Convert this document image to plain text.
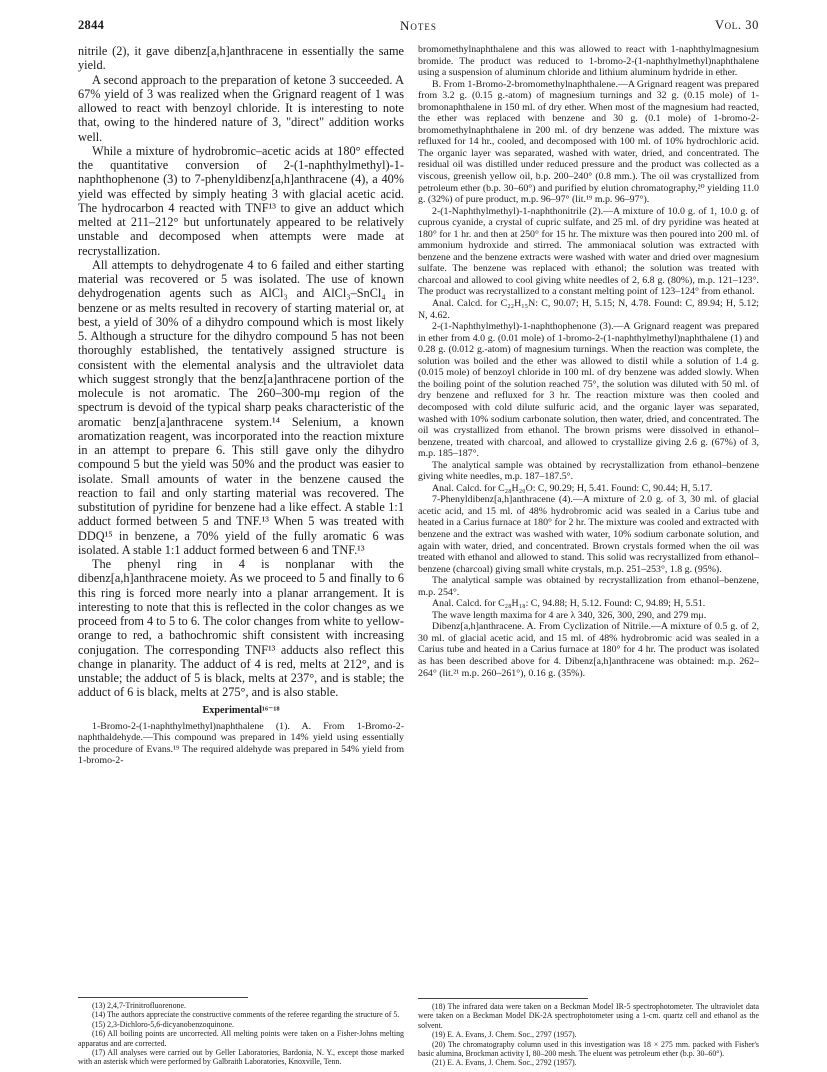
2844	Notes	Vol. 30

nitrile (2), it gave dibenz[a,h]anthracene in essentially the same yield.

A second approach to the preparation of ketone 3 succeeded. A 67% yield of 3 was realized when the Grignard reagent of 1 was allowed to react with benzoyl chloride. It is interesting to note that, owing to the hindered nature of 3, "direct" addition works well.

While a mixture of hydrobromic–acetic acids at 180° effected the quantitative conversion of 2-(1-naphthylmethyl)-1-naphthophenone (3) to 7-phenyldibenz[a,h]anthracene (4), a 40% yield was effected by simply heating 3 with glacial acetic acid. The hydrocarbon 4 reacted with TNF¹³ to give an adduct which melted at 211–212° but unfortunately appeared to be relatively unstable and decomposed when attempts were made at recrystallization.

All attempts to dehydrogenate 4 to 6 failed and either starting material was recovered or 5 was isolated. The use of known dehydrogenation agents such as AlCl₃ and AlCl₃–SnCl₄ in benzene or as melts resulted in recovery of starting material or, at best, a yield of 30% of a dihydro compound which is most likely 5. Although a structure for the dihydro compound 5 has not been thoroughly established, the tentatively assigned structure is consistent with the elemental analysis and the ultraviolet data which suggest strongly that the benz[a]anthracene portion of the molecule is not aromatic. The 260–300-mμ region of the spectrum is devoid of the typical sharp peaks characteristic of the aromatic benz[a]anthracene system.¹⁴ Selenium, a known aromatization reagent, was incorporated into the reaction mixture in an attempt to prepare 6. This still gave only the dihydro compound 5 but the yield was 50% and the product was easier to isolate. Small amounts of water in the benzene caused the reaction to fail and only starting material was recovered. The substitution of pyridine for benzene had a like effect. A stable 1:1 adduct formed between 5 and TNF.¹³ When 5 was treated with DDQ¹⁵ in benzene, a 70% yield of the fully aromatic 6 was isolated. A stable 1:1 adduct formed between 6 and TNF.¹³

The phenyl ring in 4 is nonplanar with the dibenz[a,h]anthracene moiety. As we proceed to 5 and finally to 6 this ring is forced more nearly into a planar arrangement. It is interesting to note that this is reflected in the color changes as we proceed from 4 to 5 to 6. The color changes from white to yellow-orange to red, a bathochromic shift consistent with increasing conjugation. The corresponding TNF¹³ adducts also reflect this change in planarity. The adduct of 4 is red, melts at 212°, and is unstable; the adduct of 5 is black, melts at 237°, and is stable; the adduct of 6 is black, melts at 275°, and is also stable.

Experimental¹⁶⁻¹⁸

1-Bromo-2-(1-naphthylmethyl)naphthalene (1). A. From 1-Bromo-2-naphthaldehyde.—This compound was prepared in 14% yield using essentially the procedure of Evans.¹⁹ The required aldehyde was prepared in 54% yield from 1-bromo-2-

(13) 2,4,7-Trinitrofluorenone.

(14) The authors appreciate the constructive comments of the referee regarding the structure of 5.

(15) 2,3-Dichloro-5,6-dicyanobenzoquinone.

(16) All boiling points are uncorrected. All melting points were taken on a Fisher-Johns melting apparatus and are corrected.

(17) All analyses were carried out by Geller Laboratories, Bardonia, N. Y., except those marked with an asterisk which were performed by Galbraith Laboratories, Knoxville, Tenn.

bromomethylnaphthalene and this was allowed to react with 1-naphthylmagnesium bromide. The product was reduced to 1-bromo-2-(1-naphthylmethyl)naphthalene using a suspension of aluminum chloride and lithium aluminum hydride in ether.

B. From 1-Bromo-2-bromomethylnaphthalene.—A Grignard reagent was prepared from 3.2 g. (0.15 g.-atom) of magnesium turnings and 32 g. (0.15 mole) of 1-bromonaphthalene in 150 ml. of dry ether. When most of the magnesium had reacted, the ether was replaced with benzene and 30 g. (0.1 mole) of 1-bromo-2-bromomethylnaphthalene in 200 ml. of dry benzene was added. The mixture was refluxed for 14 hr., cooled, and decomposed with 100 ml. of 10% hydrochloric acid. The organic layer was separated, washed with water, dried, and concentrated. The residual oil was distilled under reduced pressure and the product was collected as a viscous, greenish yellow oil, b.p. 200–240° (0.8 mm.). The oil was crystallized from petroleum ether (b.p. 30–60°) and purified by elution chromatography,²⁰ yielding 11.0 g. (32%) of pure product, m.p. 96–97° (lit.¹⁹ m.p. 96–97°).

2-(1-Naphthylmethyl)-1-naphthonitrile (2).—A mixture of 10.0 g. of 1, 10.0 g. of cuprous cyanide, a crystal of cupric sulfate, and 25 ml. of dry pyridine was heated at 180° for 1 hr. and then at 250° for 15 hr. The mixture was then poured into 200 ml. of ammonium hydroxide and stirred. The ammoniacal solution was extracted with benzene and the benzene extracts were washed with water and dried over magnesium sulfate. The benzene was replaced with ethanol; the solution was treated with charcoal and allowed to cool giving white needles of 2, 6.8 g. (80%), m.p. 121–123°. The product was recrystallized to a constant melting point of 123–124° from ethanol.

Anal. Calcd. for C₂₂H₁₅N: C, 90.07; H, 5.15; N, 4.78. Found: C, 89.94; H, 5.12; N, 4.62.

2-(1-Naphthylmethyl)-1-naphthophenone (3).—A Grignard reagent was prepared in ether from 4.0 g. (0.01 mole) of 1-bromo-2-(1-naphthylmethyl)naphthalene (1) and 0.28 g. (0.012 g.-atom) of magnesium turnings. When the reaction was complete, the solution was boiled and the ether was allowed to distil while a solution of 1.4 g. (0.015 mole) of benzoyl chloride in 100 ml. of dry benzene was added slowly. When the boiling point of the solution reached 75°, the solution was diluted with 50 ml. of dry benzene and refluxed for 3 hr. The reaction mixture was then cooled and decomposed with cold dilute sulfuric acid, and the organic layer was separated, washed with 10% sodium carbonate solution, then water, dried, and concentrated. The oil was crystallized from ethanol. The brown prisms were dissolved in ethanol–benzene, treated with charcoal, and allowed to crystallize giving 2.6 g. (67%) of 3, m.p. 185–187°.

The analytical sample was obtained by recrystallization from ethanol–benzene giving white needles, m.p. 187–187.5°.

Anal. Calcd. for C₂₈H₂₀O: C, 90.29; H, 5.41. Found: C, 90.44; H, 5.17.

7-Phenyldibenz[a,h]anthracene (4).—A mixture of 2.0 g. of 3, 30 ml. of glacial acetic acid, and 15 ml. of 48% hydrobromic acid was sealed in a Carius tube and heated in a Carius furnace at 180° for 2 hr. The mixture was cooled and extracted with benzene and the extract was washed with water, 10% sodium carbonate solution, and again with water, dried, and concentrated. Brown crystals formed when the oil was treated with ethanol and allowed to stand. This solid was recrystallized from ethanol–benzene (charcoal) giving small white crystals, m.p. 251–253°, 1.8 g. (95%).

The analytical sample was obtained by recrystallization from ethanol–benzene, m.p. 254°.

Anal. Calcd. for C₂₈H₁₈: C, 94.88; H, 5.12. Found: C, 94.89; H, 5.51.

The wave length maxima for 4 are λ 340, 326, 300, 290, and 279 mμ.

Dibenz[a,h]anthracene. A. From Cyclization of Nitrile.—A mixture of 0.5 g. of 2, 30 ml. of glacial acetic acid, and 15 ml. of 48% hydrobromic acid was sealed in a Carius tube and heated in a Carius furnace at 180° for 4 hr. The product was isolated as has been described above for 4. Dibenz[a,h]anthracene was obtained: m.p. 262–264° (lit.²¹ m.p. 260–261°), 0.16 g. (35%).

(18) The infrared data were taken on a Beckman Model IR-5 spectrophotometer. The ultraviolet data were taken on a Beckman Model DK-2A spectrophotometer using a 1-cm. quartz cell and ethanol as the solvent.

(19) E. A. Evans, J. Chem. Soc., 2797 (1957).

(20) The chromatography column used in this investigation was 18 × 275 mm. packed with Fisher's basic alumina, Brockman activity I, 80–200 mesh. The eluent was petroleum ether (b.p. 30–60°).

(21) E. A. Evans, J. Chem. Soc., 2792 (1957).
